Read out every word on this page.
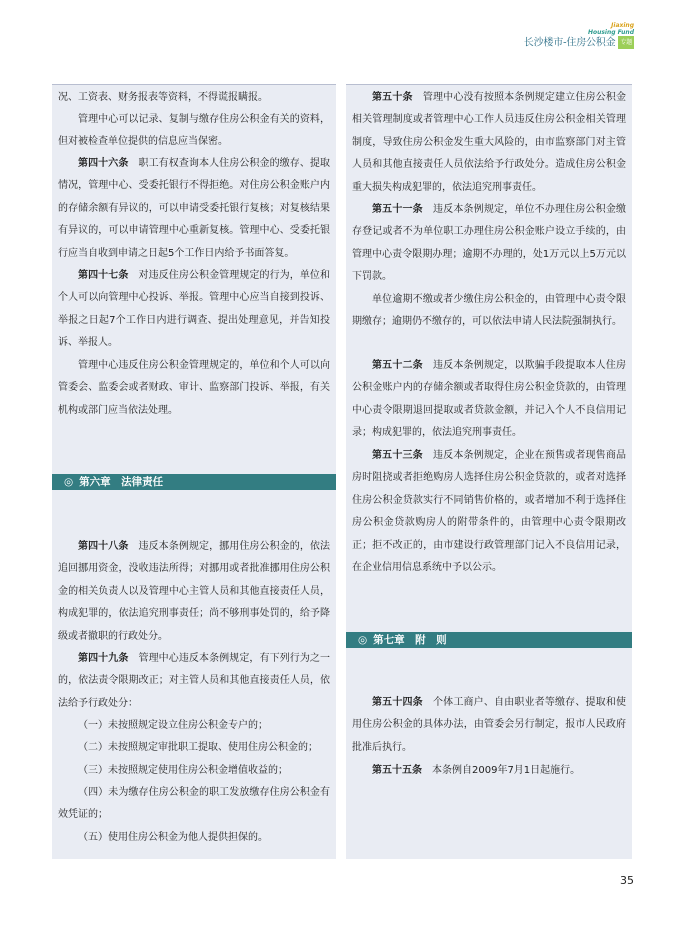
Jiaxing
Housing Fund
长沙楼市-住房公积金 专题

况、工资表、财务报表等资料，不得谎报瞒报。

管理中心可以记录、复制与缴存住房公积金有关的资料，但对被检查单位提供的信息应当保密。

第四十六条　 职工有权查询本人住房公积金的缴存、提取情况，管理中心、受委托银行不得拒绝。对住房公积金账户内的存储余额有异议的，可以申请受委托银行复核；对复核结果有异议的，可以申请管理中心重新复核。管理中心、受委托银行应当自收到申请之日起5个工作日内给予书面答复。

第四十七条　 对违反住房公积金管理规定的行为，单位和个人可以向管理中心投诉、举报。管理中心应当自接到投诉、举报之日起7个工作日内进行调查、提出处理意见，并告知投诉、举报人。

管理中心违反住房公积金管理规定的，单位和个人可以向管委会、监委会或者财政、审计、监察部门投诉、举报，有关机构或部门应当依法处理。

◎ 第六章　法律责任

第四十八条　 违反本条例规定，挪用住房公积金的，依法追回挪用资金，没收违法所得；对挪用或者批准挪用住房公积金的相关负责人以及管理中心主管人员和其他直接责任人员，构成犯罪的，依法追究刑事责任；尚不够刑事处罚的，给予降级或者撤职的行政处分。

第四十九条　 管理中心违反本条例规定，有下列行为之一的，依法责令限期改正；对主管人员和其他直接责任人员，依法给予行政处分：

（一）未按照规定设立住房公积金专户的；

（二）未按照规定审批职工提取、使用住房公积金的；

（三）未按照规定使用住房公积金增值收益的；

（四）未为缴存住房公积金的职工发放缴存住房公积金有效凭证的；

（五）使用住房公积金为他人提供担保的。

第五十条　 管理中心没有按照本条例规定建立住房公积金相关管理制度或者管理中心工作人员违反住房公积金相关管理制度，导致住房公积金发生重大风险的，由市监察部门对主管人员和其他直接责任人员依法给予行政处分。造成住房公积金重大损失构成犯罪的，依法追究刑事责任。

第五十一条　 违反本条例规定，单位不办理住房公积金缴存登记或者不为单位职工办理住房公积金账户设立手续的，由管理中心责令限期办理；逾期不办理的，处1万元以上5万元以下罚款。

单位逾期不缴或者少缴住房公积金的，由管理中心责令限期缴存；逾期仍不缴存的，可以依法申请人民法院强制执行。

第五十二条　 违反本条例规定，以欺骗手段提取本人住房公积金账户内的存储余额或者取得住房公积金贷款的，由管理中心责令限期退回提取或者贷款金额，并记入个人不良信用记录；构成犯罪的，依法追究刑事责任。

第五十三条　 违反本条例规定，企业在预售或者现售商品房时阻挠或者拒绝购房人选择住房公积金贷款的，或者对选择住房公积金贷款实行不同销售价格的，或者增加不利于选择住房公积金贷款购房人的附带条件的，由管理中心责令限期改正；拒不改正的，由市建设行政管理部门记入不良信用记录，在企业信用信息系统中予以公示。

◎ 第七章　附　则

第五十四条　 个体工商户、自由职业者等缴存、提取和使用住房公积金的具体办法，由管委会另行制定，报市人民政府批准后执行。

第五十五条　 本条例自2009年7月1日起施行。

35
